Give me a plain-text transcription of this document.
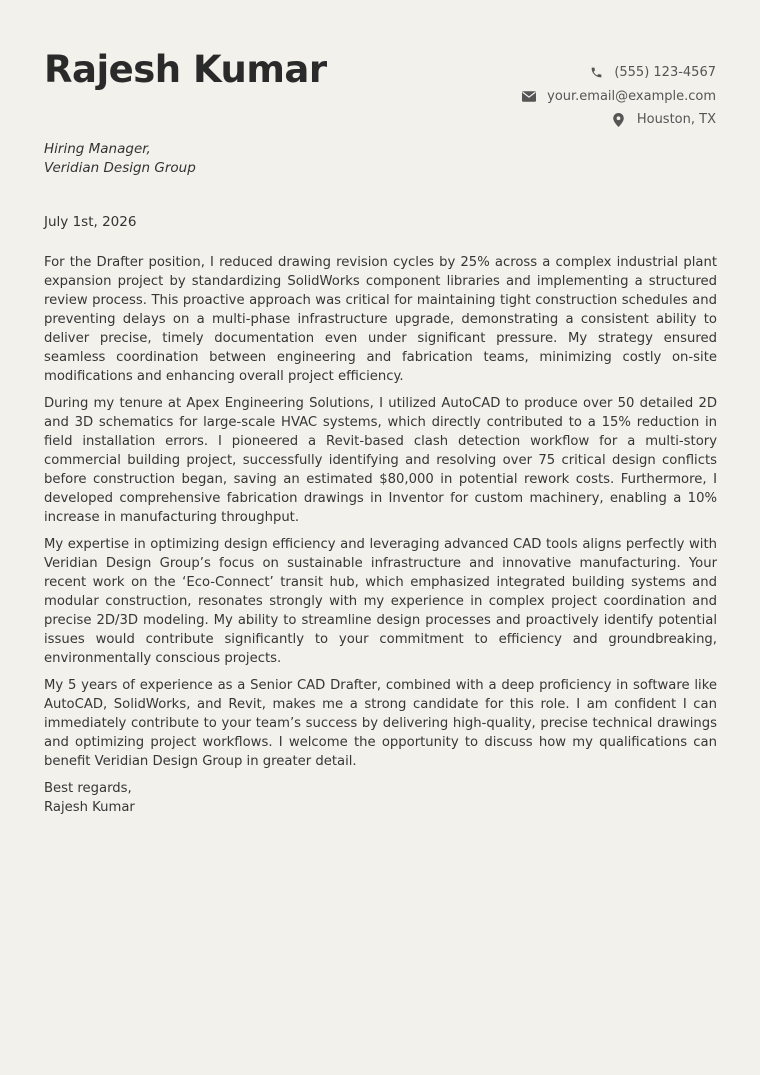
Rajesh Kumar	(555) 123-4567
your.email@example.com
Houston, TX
Hiring Manager,
Veridian Design Group
July 1st, 2026

For the Drafter position, I reduced drawing revision cycles by 25% across a complex industrial plant expansion project by standardizing SolidWorks component libraries and implementing a structured review process. This proactive approach was critical for maintaining tight construction schedules and preventing delays on a multi-phase infrastructure upgrade, demonstrating a consistent ability to deliver precise, timely documentation even under significant pressure. My strategy ensured seamless coordination between engineering and fabrication teams, minimizing costly on-site modifications and enhancing overall project efficiency.

During my tenure at Apex Engineering Solutions, I utilized AutoCAD to produce over 50 detailed 2D and 3D schematics for large-scale HVAC systems, which directly contributed to a 15% reduction in field installation errors. I pioneered a Revit-based clash detection workflow for a multi-story commercial building project, successfully identifying and resolving over 75 critical design conflicts before construction began, saving an estimated $80,000 in potential rework costs. Furthermore, I developed comprehensive fabrication drawings in Inventor for custom machinery, enabling a 10% increase in manufacturing throughput.

My expertise in optimizing design efficiency and leveraging advanced CAD tools aligns perfectly with Veridian Design Group’s focus on sustainable infrastructure and innovative manufacturing. Your recent work on the ‘Eco-Connect’ transit hub, which emphasized integrated building systems and modular construction, resonates strongly with my experience in complex project coordination and precise 2D/3D modeling. My ability to streamline design processes and proactively identify potential issues would contribute significantly to your commitment to efficiency and groundbreaking, environmentally conscious projects.

My 5 years of experience as a Senior CAD Drafter, combined with a deep proficiency in software like AutoCAD, SolidWorks, and Revit, makes me a strong candidate for this role. I am confident I can immediately contribute to your team’s success by delivering high-quality, precise technical drawings and optimizing project workflows. I welcome the opportunity to discuss how my qualifications can benefit Veridian Design Group in greater detail.

Best regards,
Rajesh Kumar
